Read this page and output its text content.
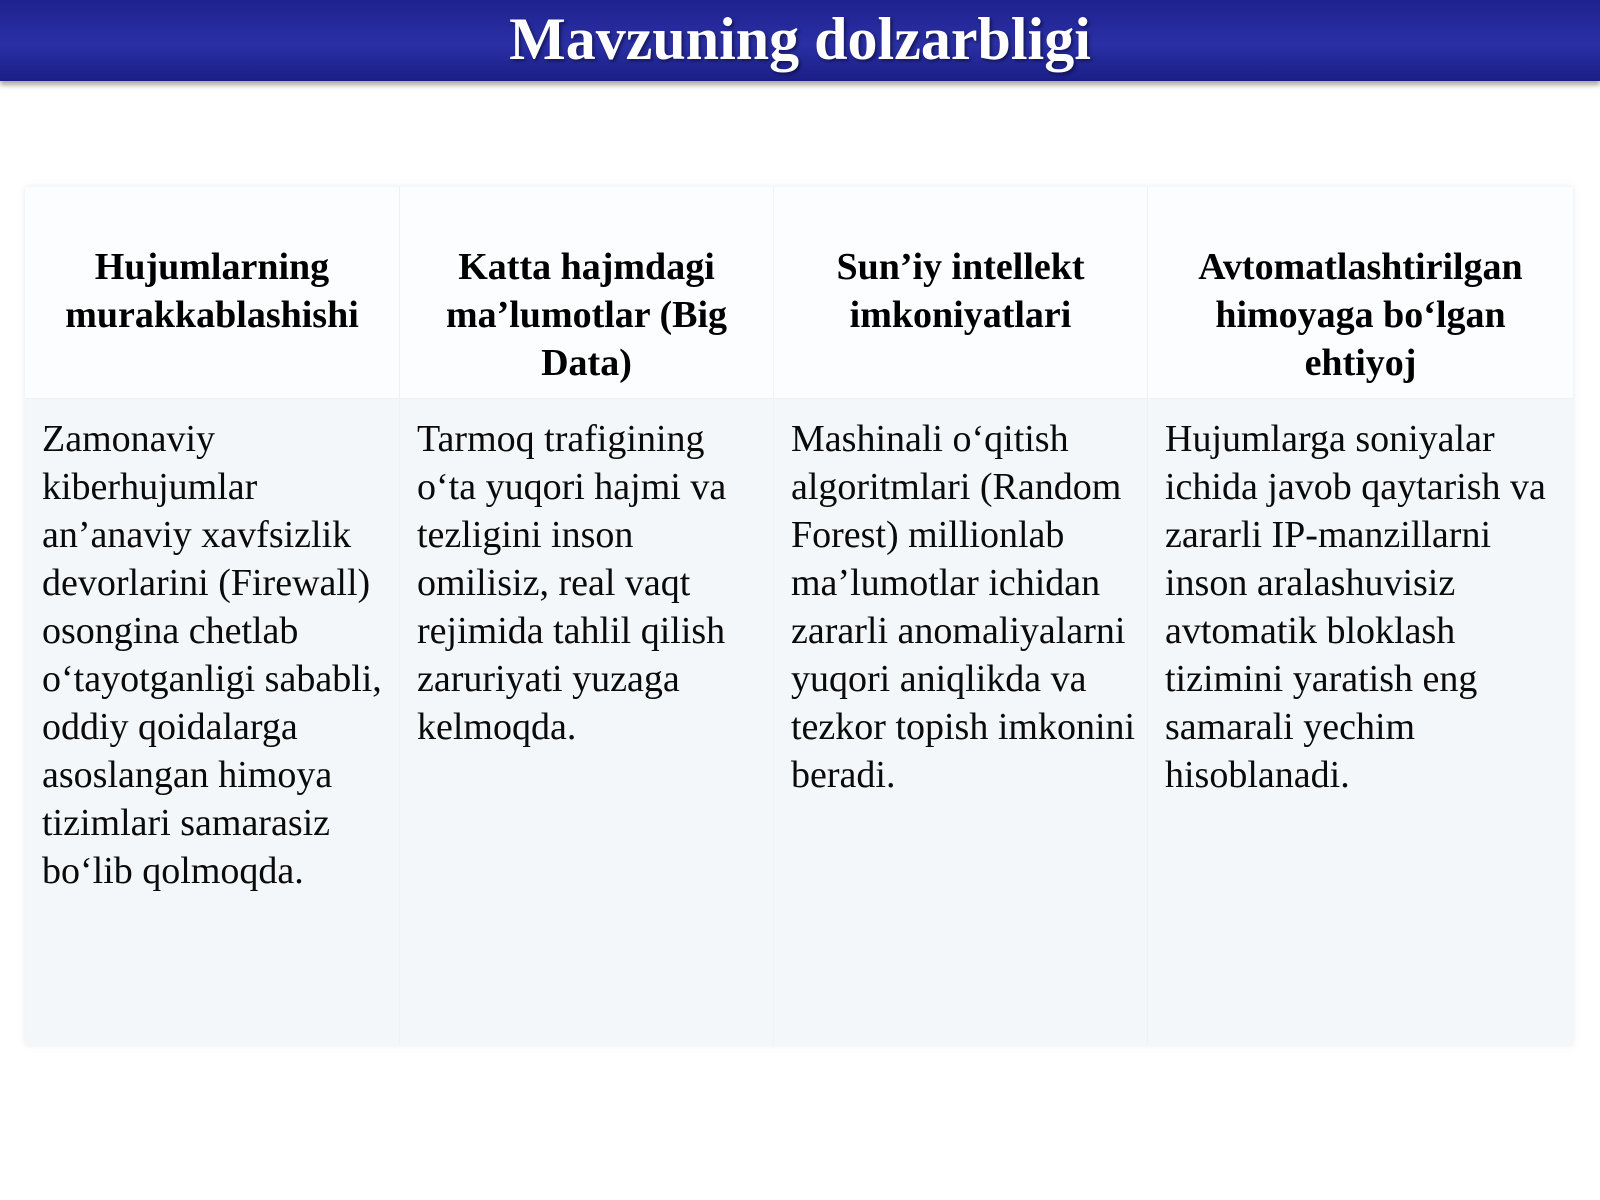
Mavzuning dolzarbligi
Hujumlarning murakkablashishi
Zamonaviy kiberhujumlar an’anaviy xavfsizlik devorlarini (Firewall) osongina chetlab o‘tayotganligi sababli, oddiy qoidalarga asoslangan himoya tizimlari samarasiz bo‘lib qolmoqda.
Katta hajmdagi ma’lumotlar (Big Data)
Tarmoq trafigining o‘ta yuqori hajmi va tezligini inson omilisiz, real vaqt rejimida tahlil qilish zaruriyati yuzaga kelmoqda.
Sun’iy intellekt imkoniyatlari
Mashinali o‘qitish algoritmlari (Random Forest) millionlab ma’lumotlar ichidan zararli anomaliyalarni yuqori aniqlikda va tezkor topish imkonini beradi.
Avtomatlashtirilgan himoyaga bo‘lgan ehtiyoj
Hujumlarga soniyalar ichida javob qaytarish va zararli IP-manzillarni inson aralashuvisiz avtomatik bloklash tizimini yaratish eng samarali yechim hisoblanadi.
